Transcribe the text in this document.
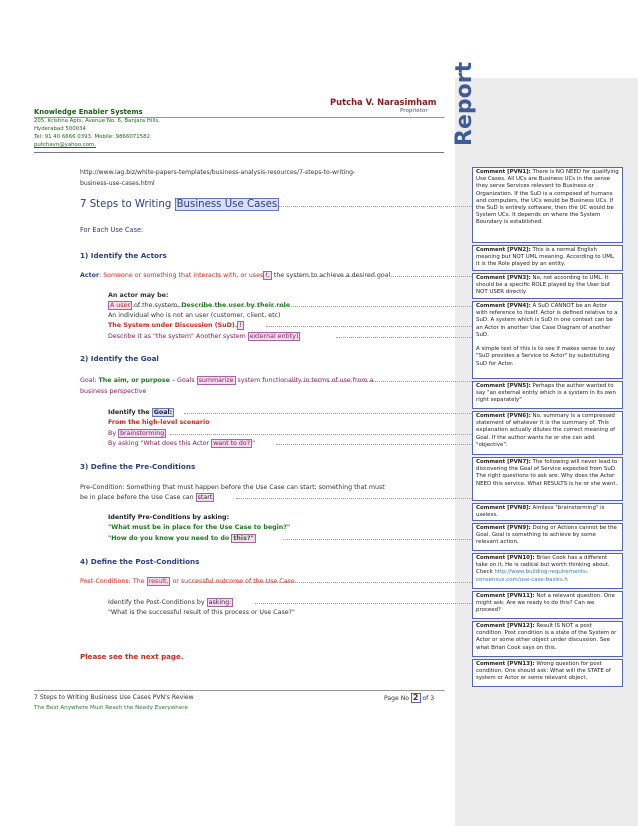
Putcha V. Narasimham
Proprietor
Knowledge Enabler Systems
205, Krishna Apts, Avenue No. 6, Banjara Hills,
Hyderabad 500034
Tel: 91 40 6666 0393. Mobile: 9866071582
putchavn@yahoo.com,	Report
http://www.iag.biz/white-papers-templates/business-analysis-resources/7-steps-to-writing-
business-use-cases.html
7 Steps to Writing Business Use Cases
For Each Use Case:
1) Identify the Actors
Actor: Someone or something that interacts with, or uses !, the system to achieve a desired goal
An actor may be:
A user of the system. Describe the user by their role
An individual who is not an user (customer, client, etc)
The System under Discussion (SuD). !
Describe it as "the system" Another system external entity)
2) Identify the Goal
Goal: The aim, or purpose – Goals summarize system functionality in terms of use from a
business perspective
Identify the Goal:
From the high-level scenario
By brainstorming
By asking "What does this Actor want to do? "
3) Define the Pre-Conditions
Pre-Condition: Something that must happen before the Use Case can start; something that must
be in place before the Use Case can start
Identify Pre-Conditions by asking:
"What must be in place for the Use Case to begin?"
"How do you know you need to do this?"
4) Define the Post-Conditions
Post-Conditions: The result, or successful outcome of the Use Case
Identify the Post-Conditions by asking:
"What is the successful result of this process or Use Case?"
Please see the next page.
Comment [PVN1]: There is NO NEED for qualifying Use Cases. All UCs are Business UCs in the sense they serve Services relevant to Business or Organization. If the SuD is a composed of humans and computers, the UCs would be Business UCs. If the SuD is entirely software, then the UC would be System UCs. It depends on where the System Boundary is established.
Comment [PVN2]: This is a normal English meaning but NOT UML meaning. According to UML it is the Role played by an entity.
Comment [PVN3]: No, not according to UML. It should be a specific ROLE played by the User but NOT USER directly.
Comment [PVN4]: A SuD CANNOT be an Actor with reference to itself. Actor is defined relative to a SuD. A system which is SuD in one context can be an Actor in another Use Case Diagram of another SuD.

A simple test of this is to see if makes sense to say "SuD provides a Service to Actor" by substituting SuD for Actor.
Comment [PVN5]: Perhaps the author wanted to say "an external entity which is a system in its own right separately"
Comment [PVN6]: No, summary is a compressed statement of whatever it is the summary of. This explanation actually dilutes the correct meaning of Goal. If the author wants he or she can add "objective".
Comment [PVN7]: The following will never lead to discovering the Goal of Service expected from SuD. The right questions to ask are: Why does the Actor NEED this service. What RESULTS is he or she want.
Comment [PVN8]: Aimless "brainstorming" is useless.
Comment [PVN9]: Doing or Actions cannot be the Goal. Goal is something to achieve by some relevant action.
Comment [PVN10]: Brian Cook has a different take on it. He is radical but worth thinking about. Check http://www.building-requirements-consensus.com/use-case-basics.h
Comment [PVN11]: Not a relevant question. One might ask: Are we ready to do this? Can we proceed?
Comment [PVN12]: Result IS NOT a post condition. Post condition is a state of the System or Actor or some other object under discussion. See what Brian Cook says on this.
Comment [PVN13]: Wrong question for post condition. One should ask: What will the STATE of system or Actor or some relevant object.
7 Steps to Writing Business Use Cases PVN's Review	Page No 2 of 3
The Best Anywhere Must Reach the Needy Everywhere
